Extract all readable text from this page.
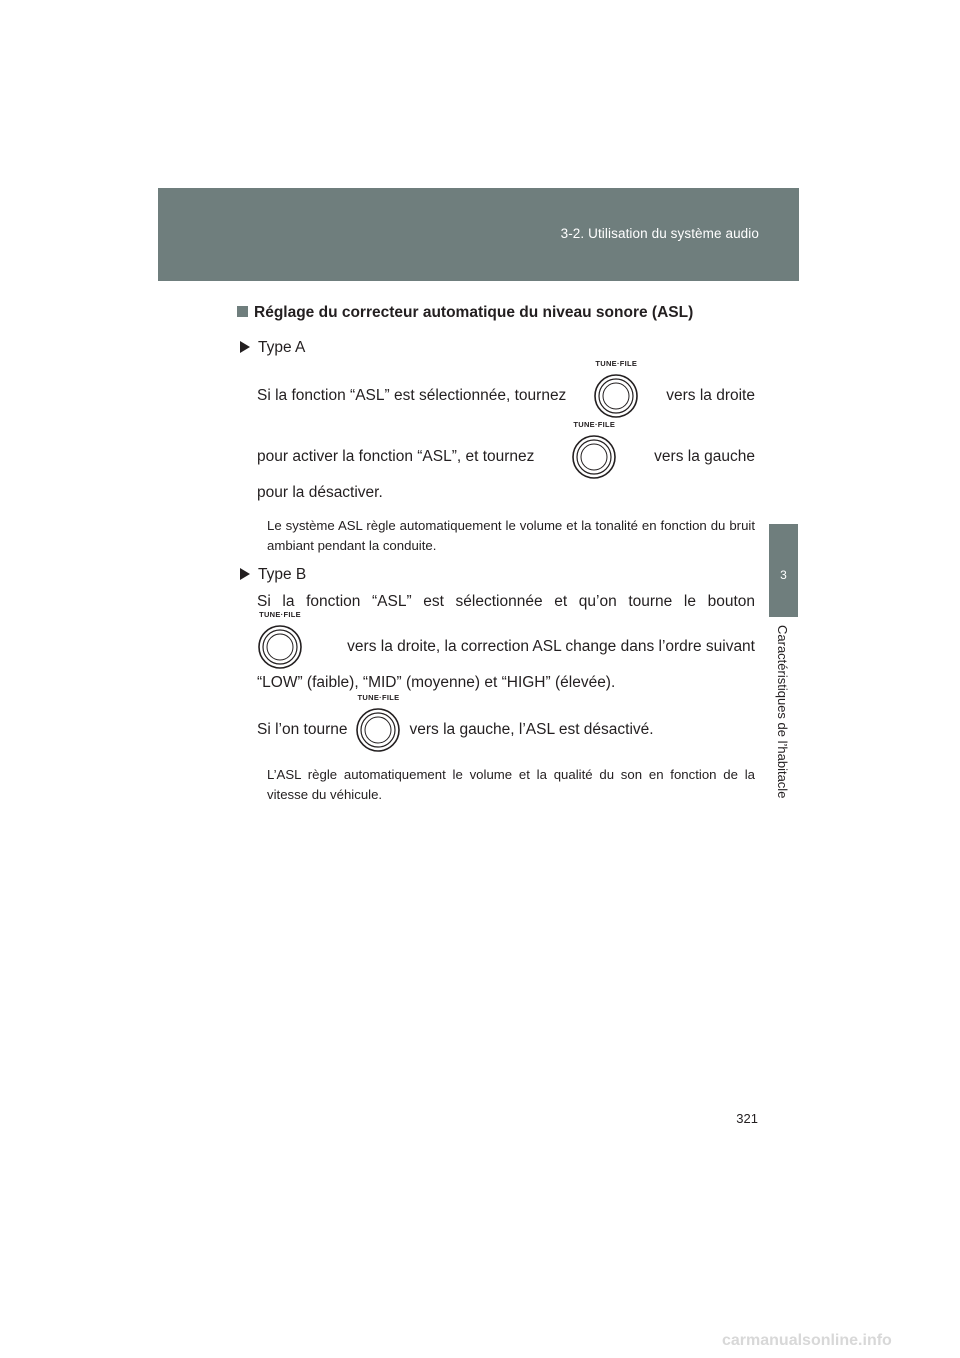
3-2. Utilisation du système audio
3
Caractéristiques de l’habitacle
Réglage du correcteur automatique du niveau sonore (ASL)
Type A
Si la fonction “ASL” est sélectionnée, tournez
TUNE·FILE
vers la droite
pour activer la fonction “ASL”, et tournez
TUNE·FILE
vers la gauche
pour la désactiver.
Le système ASL règle automatiquement le volume et la tonalité en fonction du bruit ambiant pendant la conduite.
Type B
Si la fonction “ASL” est sélectionnée et qu’on tourne le bouton
TUNE·FILE
vers la droite, la correction ASL change dans l’ordre suivant
“LOW” (faible), “MID” (moyenne) et “HIGH” (élevée).
Si l’on tourne
TUNE·FILE
vers la gauche, l’ASL est désactivé.
L’ASL règle automatiquement le volume et la qualité du son en fonction de la vitesse du véhicule.
321
carmanualsonline.info
